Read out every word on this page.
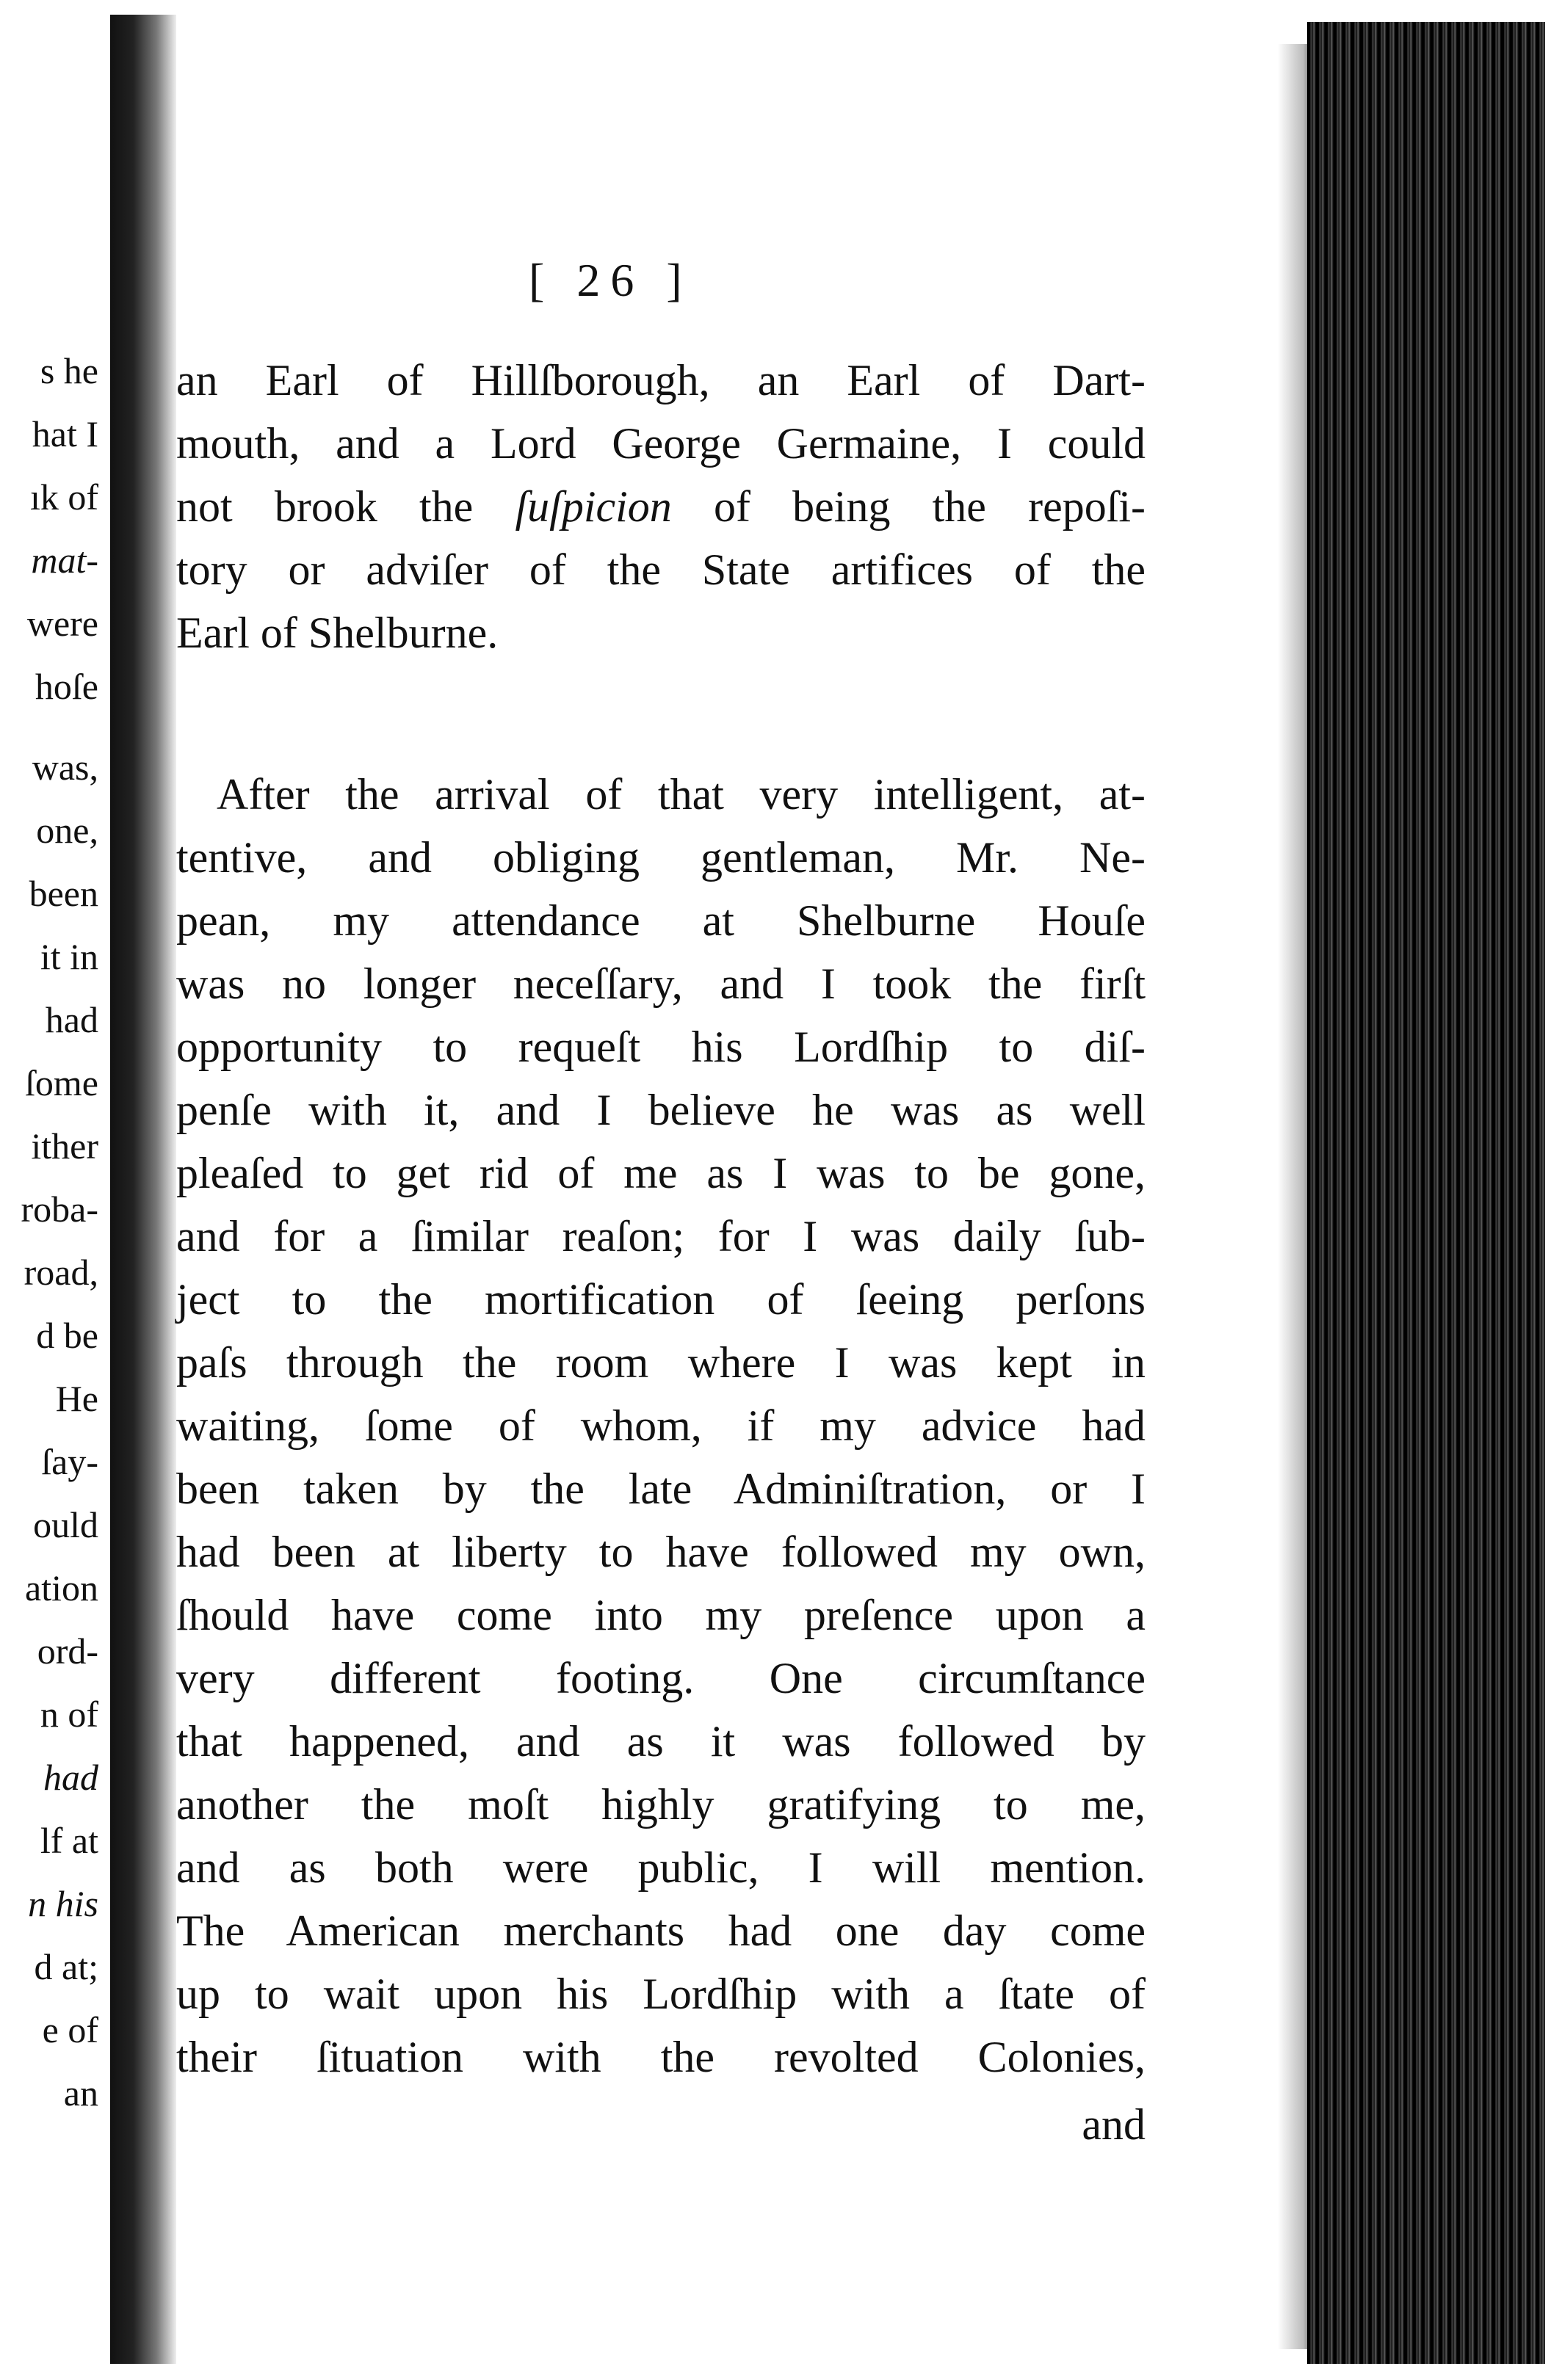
s he
hat I
ık of
mat-
were
hoſe
was,
one,
been
it in
had
ſome
ither
roba-
road,
d be
He
ſay-
ould
ation
ord-
n of
had
lf at
n his
d at;
e of
an
[ 26 ]
an Earl of Hillſborough, an Earl of Dart-
mouth, and a Lord George Germaine, I could
not brook the ſuſpicion of being the repoſi-
tory or adviſer of the State artifices of the
Earl of Shelburne.
After the arrival of that very intelligent, at-
tentive, and obliging gentleman, Mr. Ne-
pean, my attendance at Shelburne Houſe
was no longer neceſſary, and I took the firſt
opportunity to requeſt his Lordſhip to diſ-
penſe with it, and I believe he was as well
pleaſed to get rid of me as I was to be gone,
and for a ſimilar reaſon; for I was daily ſub-
ject to the mortification of ſeeing perſons
paſs through the room where I was kept in
waiting, ſome of whom, if my advice had
been taken by the late Adminiſtration, or I
had been at liberty to have followed my own,
ſhould have come into my preſence upon a
very different footing. One circumſtance
that happened, and as it was followed by
another the moſt highly gratifying to me,
and as both were public, I will mention.
The American merchants had one day come
up to wait upon his Lordſhip with a ſtate of
their ſituation with the revolted Colonies,
and
